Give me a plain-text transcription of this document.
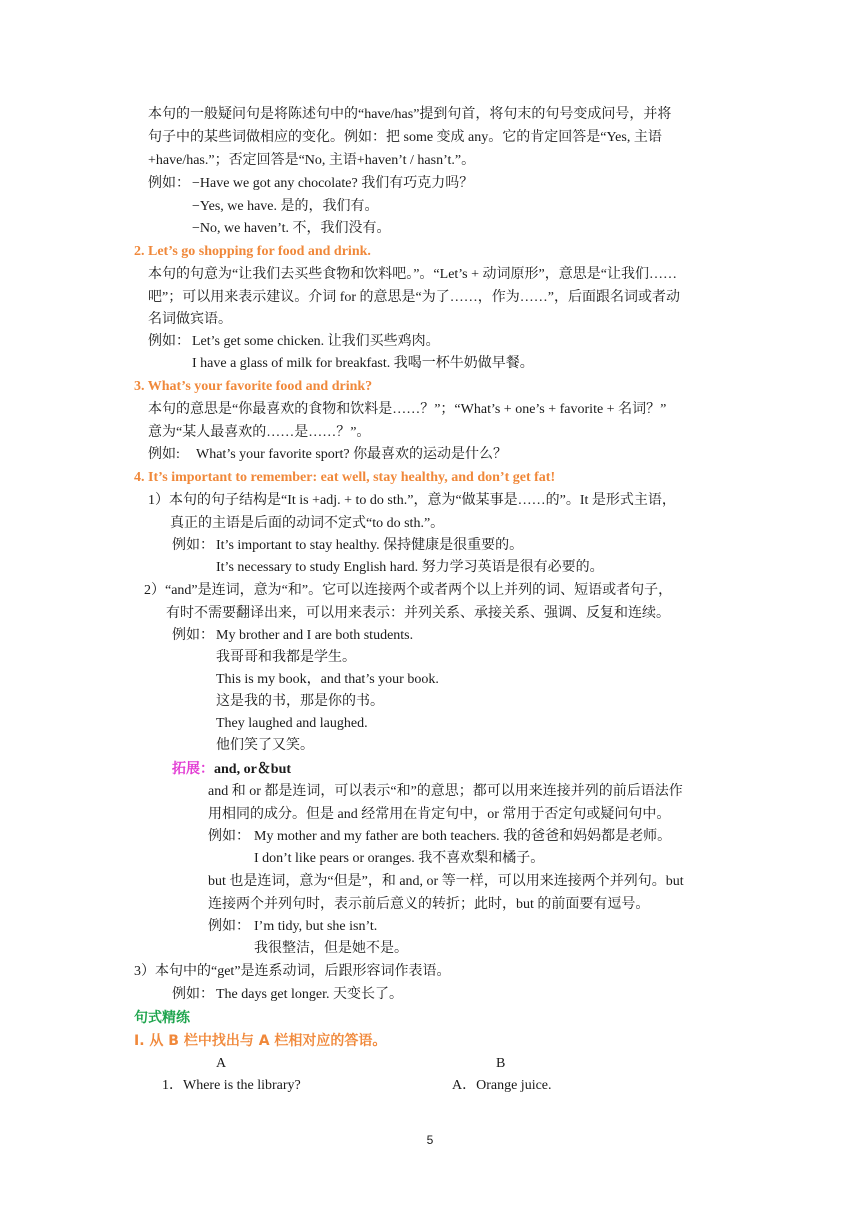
本句的一般疑问句是将陈述句中的“have/has”提到句首，将句末的句号变成问号，并将
句子中的某些词做相应的变化。例如：把 some 变成 any。它的肯定回答是“Yes, 主语
+have/has.”；否定回答是“No, 主语+haven’t / hasn’t.”。
例如： −Have we got any chocolate? 我们有巧克力吗？
−Yes, we have. 是的，我们有。
−No, we haven’t. 不，我们没有。
2. Let’s go shopping for food and drink.
本句的句意为“让我们去买些食物和饮料吧。”。“Let’s + 动词原形”，意思是“让我们……
吧”；可以用来表示建议。介词 for 的意思是“为了……，作为……”，后面跟名词或者动
名词做宾语。
例如： Let’s get some chicken. 让我们买些鸡肉。
I have a glass of milk for breakfast. 我喝一杯牛奶做早餐。
3. What’s your favorite food and drink?
本句的意思是“你最喜欢的食物和饮料是……？”；“What’s + one’s + favorite + 名词？”
意为“某人最喜欢的……是……？”。
例如: What’s your favorite sport? 你最喜欢的运动是什么？
4. It’s important to remember: eat well, stay healthy, and don’t get fat!
1）本句的句子结构是“It is +adj. + to do sth.”，意为“做某事是……的”。It 是形式主语，
真正的主语是后面的动词不定式“to do sth.”。
例如： It’s important to stay healthy. 保持健康是很重要的。
It’s necessary to study English hard. 努力学习英语是很有必要的。
2）“and”是连词，意为“和”。它可以连接两个或者两个以上并列的词、短语或者句子，
有时不需要翻译出来，可以用来表示：并列关系、承接关系、强调、反复和连续。
例如： My brother and I are both students.
我哥哥和我都是学生。
This is my book，and that’s your book.
这是我的书，那是你的书。
They laughed and laughed.
他们笑了又笑。
拓展：and, or＆but
and 和 or 都是连词，可以表示“和”的意思；都可以用来连接并列的前后语法作
用相同的成分。但是 and 经常用在肯定句中，or 常用于否定句或疑问句中。
例如： My mother and my father are both teachers. 我的爸爸和妈妈都是老师。
I don’t like pears or oranges. 我不喜欢梨和橘子。
but 也是连词，意为“但是”，和 and, or 等一样，可以用来连接两个并列句。but
连接两个并列句时，表示前后意义的转折；此时，but 的前面要有逗号。
例如： I’m tidy, but she isn’t.
我很整洁，但是她不是。
3）本句中的“get”是连系动词，后跟形容词作表语。
例如： The days get longer. 天变长了。
句式精练
Ⅰ. 从 B 栏中找出与 A 栏相对应的答语。
A	B
1．Where is the library?	A．Orange juice.
5
